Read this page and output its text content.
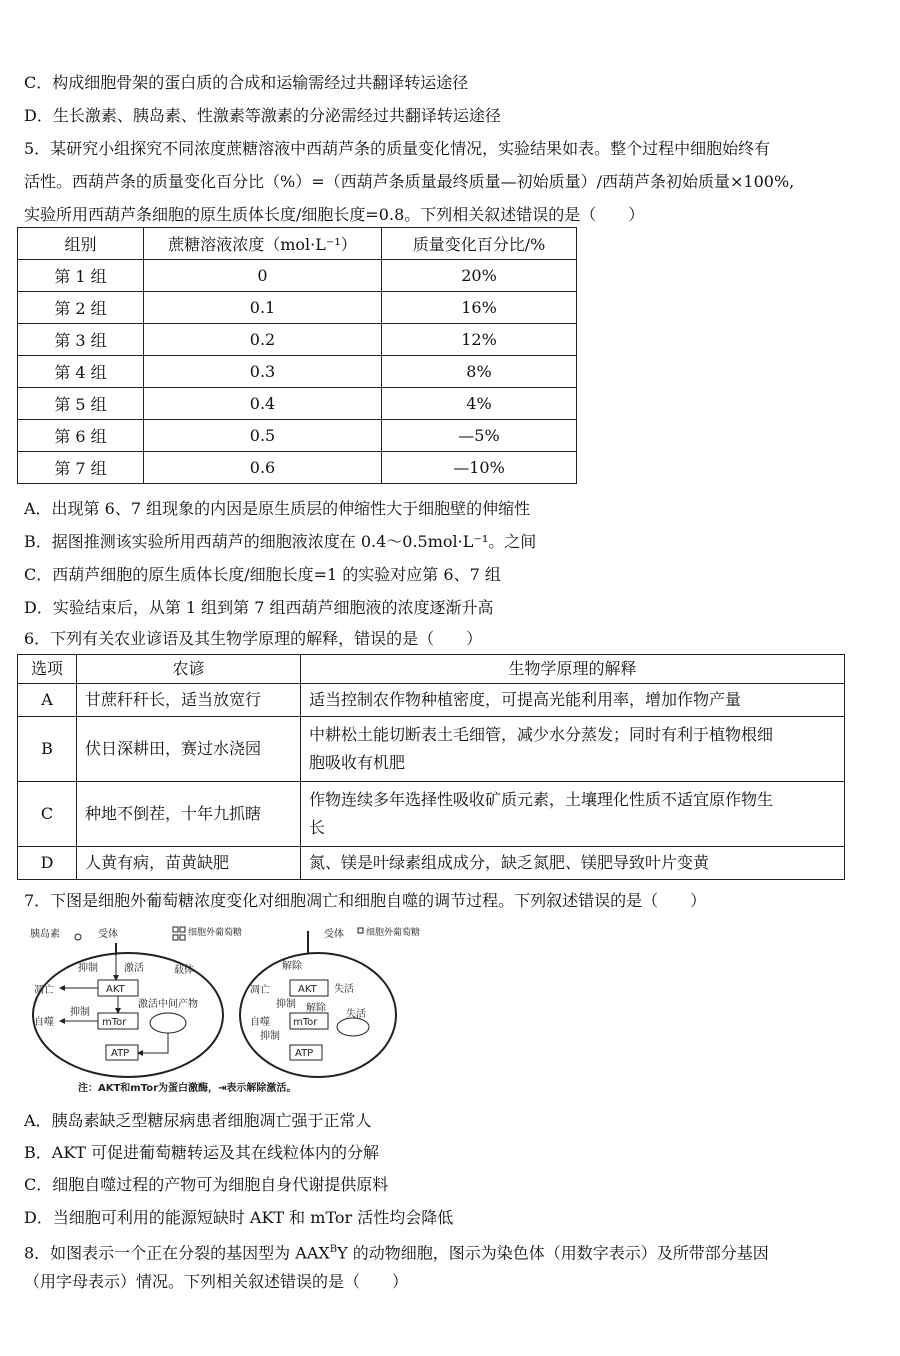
C．构成细胞骨架的蛋白质的合成和运输需经过共翻译转运途径
D．生长激素、胰岛素、性激素等激素的分泌需经过共翻译转运途径
5．某研究小组探究不同浓度蔗糖溶液中西葫芦条的质量变化情况，实验结果如表。整个过程中细胞始终有
活性。西葫芦条的质量变化百分比（%）=（西葫芦条质量最终质量—初始质量）/西葫芦条初始质量×100%,
实验所用西葫芦条细胞的原生质体长度/细胞长度=0.8。下列相关叙述错误的是（　　）
组别	蔗糖溶液浓度（mol·L⁻¹）	质量变化百分比/%
第 1 组	0	20%
第 2 组	0.1	16%
第 3 组	0.2	12%
第 4 组	0.3	8%
第 5 组	0.4	4%
第 6 组	0.5	—5%
第 7 组	0.6	—10%
A．出现第 6、7 组现象的内因是原生质层的伸缩性大于细胞壁的伸缩性
B．据图推测该实验所用西葫芦的细胞液浓度在 0.4～0.5mol·L⁻¹。之间
C．西葫芦细胞的原生质体长度/细胞长度=1 的实验对应第 6、7 组
D．实验结束后，从第 1 组到第 7 组西葫芦细胞液的浓度逐渐升高
6．下列有关农业谚语及其生物学原理的解释，错误的是（　　）
选项	农谚	生物学原理的解释
A	甘蔗秆秆长，适当放宽行	适当控制农作物种植密度，可提高光能利用率，增加作物产量

B	伏日深耕田，赛过水浇园	中耕松土能切断表土毛细管，减少水分蒸发；同时有利于植物根细
胞吸收有机肥

C	种地不倒茬，十年九抓瞎	作物连续多年选择性吸收矿质元素，土壤理化性质不适宜原作物生
长

D	人黄有病，苗黄缺肥	氮、镁是叶绿素组成成分，缺乏氮肥、镁肥导致叶片变黄
7．下图是细胞外葡萄糖浓度变化对细胞凋亡和细胞自噬的调节过程。下列叙述错误的是（　　）
胰岛素	受体	细胞外葡萄糖
抑制	激活	载体
凋亡	AKT
激活中间产物
自噬
抑制
mTor
ATP
受体 细胞外葡萄糖
解除
凋亡	AKT 失活
抑制 解除
自噬 mTor
抑制
失活
ATP
注：AKT和mTor为蛋白激酶，⇥表示解除激活。
A．胰岛素缺乏型糖尿病患者细胞凋亡强于正常人
B．AKT 可促进葡萄糖转运及其在线粒体内的分解
C．细胞自噬过程的产物可为细胞自身代谢提供原料
D．当细胞可利用的能源短缺时 AKT 和 mTor 活性均会降低
8．如图表示一个正在分裂的基因型为 $AAX^BY$ 的动物细胞，图示为染色体（用数字表示）及所带部分基因
（用字母表示）情况。下列相关叙述错误的是（　　）
